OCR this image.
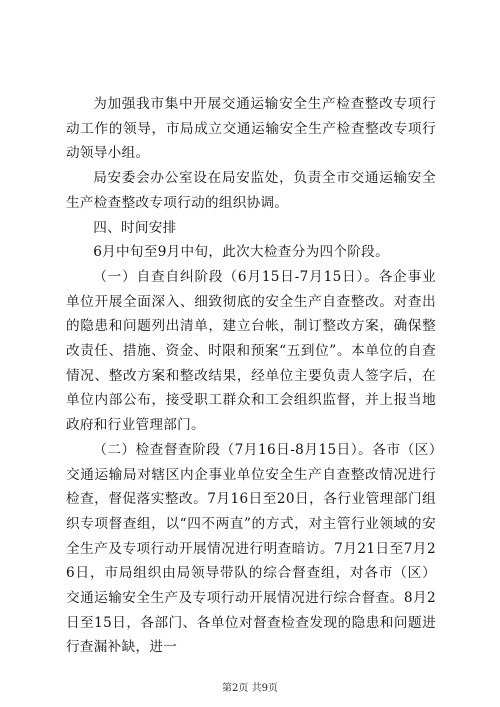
为加强我市集中开展交通运输安全生产检查整改专项行动工作的领导，市局成立交通运输安全生产检查整改专项行动领导小组。

局安委会办公室设在局安监处，负责全市交通运输安全生产检查整改专项行动的组织协调。

四、时间安排

6月中旬至9月中旬，此次大检查分为四个阶段。

（一）自查自纠阶段（6月15日-7月15日）。各企事业单位开展全面深入、细致彻底的安全生产自查整改。对查出的隐患和问题列出清单，建立台帐，制订整改方案，确保整改责任、措施、资金、时限和预案“五到位”。本单位的自查情况、整改方案和整改结果，经单位主要负责人签字后，在单位内部公布，接受职工群众和工会组织监督，并上报当地政府和行业管理部门。

（二）检查督查阶段（7月16日-8月15日）。各市（区）交通运输局对辖区内企事业单位安全生产自查整改情况进行检查，督促落实整改。7月16日至20日，各行业管理部门组织专项督查组，以“四不两直”的方式，对主管行业领域的安全生产及专项行动开展情况进行明查暗访。7月21日至7月26日，市局组织由局领导带队的综合督查组，对各市（区）交通运输安全生产及专项行动开展情况进行综合督查。8月2日至15日，各部门、各单位对督查检查发现的隐患和问题进行查漏补缺，进一

第2页 共9页
